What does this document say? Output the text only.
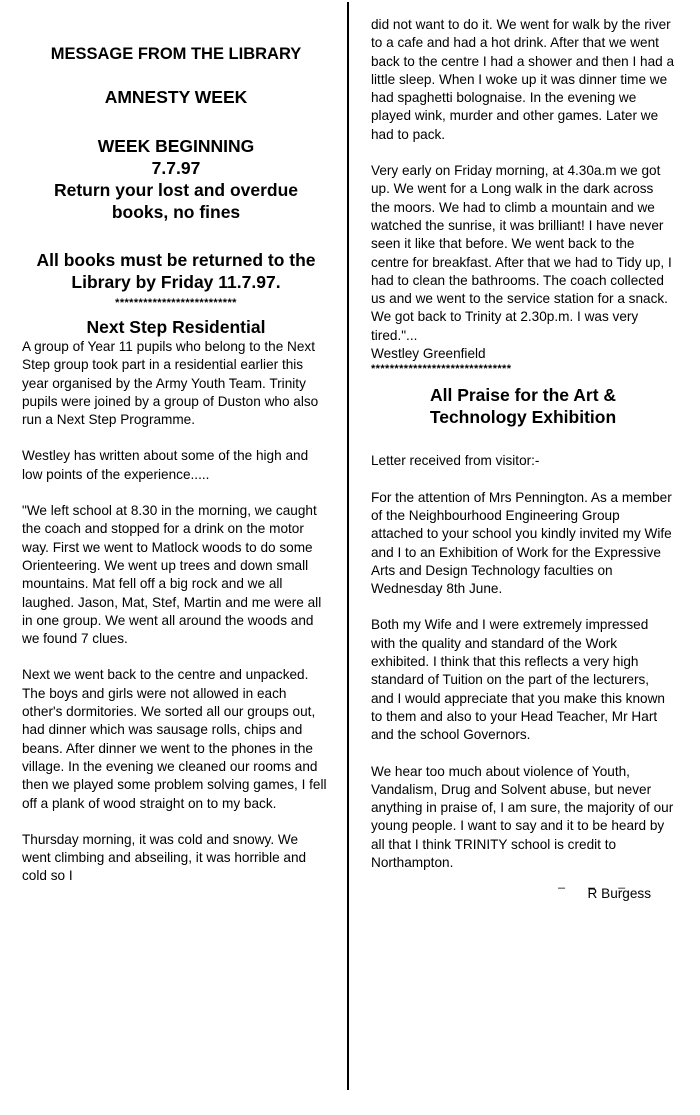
MESSAGE FROM THE LIBRARY

AMNESTY WEEK

WEEK BEGINNING

7.7.97

Return your lost and overdue books, no fines

All books must be returned to the Library by Friday 11.7.97.

**************************

Next Step Residential

A group of Year 11 pupils who belong to the Next Step group took part in a residential earlier this year organised by the Army Youth Team. Trinity pupils were joined by a group of Duston who also run a Next Step Programme.

Westley has written about some of the high and low points of the experience.....

"We left school at 8.30 in the morning, we caught the coach and stopped for a drink on the motor way. First we went to Matlock woods to do some Orienteering. We went up trees and down small mountains. Mat fell off a big rock and we all laughed. Jason, Mat, Stef, Martin and me were all in one group. We went all around the woods and we found 7 clues.

Next we went back to the centre and unpacked. The boys and girls were not allowed in each other's dormitories. We sorted all our groups out, had dinner which was sausage rolls, chips and beans. After dinner we went to the phones in the village. In the evening we cleaned our rooms and then we played some problem solving games, I fell off a plank of wood straight on to my back.

Thursday morning, it was cold and snowy. We went climbing and abseiling, it was horrible and cold so I

did not want to do it. We went for walk by the river to a cafe and had a hot drink. After that we went back to the centre I had a shower and then I had a little sleep. When I woke up it was dinner time we had spaghetti bolognaise. In the evening we played wink, murder and other games. Later we had to pack.

Very early on Friday morning, at 4.30a.m we got up. We went for a Long walk in the dark across the moors. We had to climb a mountain and we watched the sunrise, it was brilliant! I have never seen it like that before. We went back to the centre for breakfast. After that we had to Tidy up, I had to clean the bathrooms. The coach collected us and we went to the service station for a snack. We got back to Trinity at 2.30p.m. I was very tired."...

Westley Greenfield

******************************

All Praise for the Art &

Technology Exhibition

Letter received from visitor:-

For the attention of Mrs Pennington. As a member of the Neighbourhood Engineering Group attached to your school you kindly invited my Wife and I to an Exhibition of Work for the Expressive Arts and Design Technology faculties on Wednesday 8th June.

Both my Wife and I were extremely impressed with the quality and standard of the Work exhibited. I think that this reflects a very high standard of Tuition on the part of the lecturers, and I would appreciate that you make this known to them and also to your Head Teacher, Mr Hart and the school Governors.

We hear too much about violence of Youth, Vandalism, Drug and Solvent abuse, but never anything in praise of, I am sure, the majority of our young people. I want to say and it to be heard by all that I think TRINITY school is credit to Northampton.

_ _ _

R Burgess
